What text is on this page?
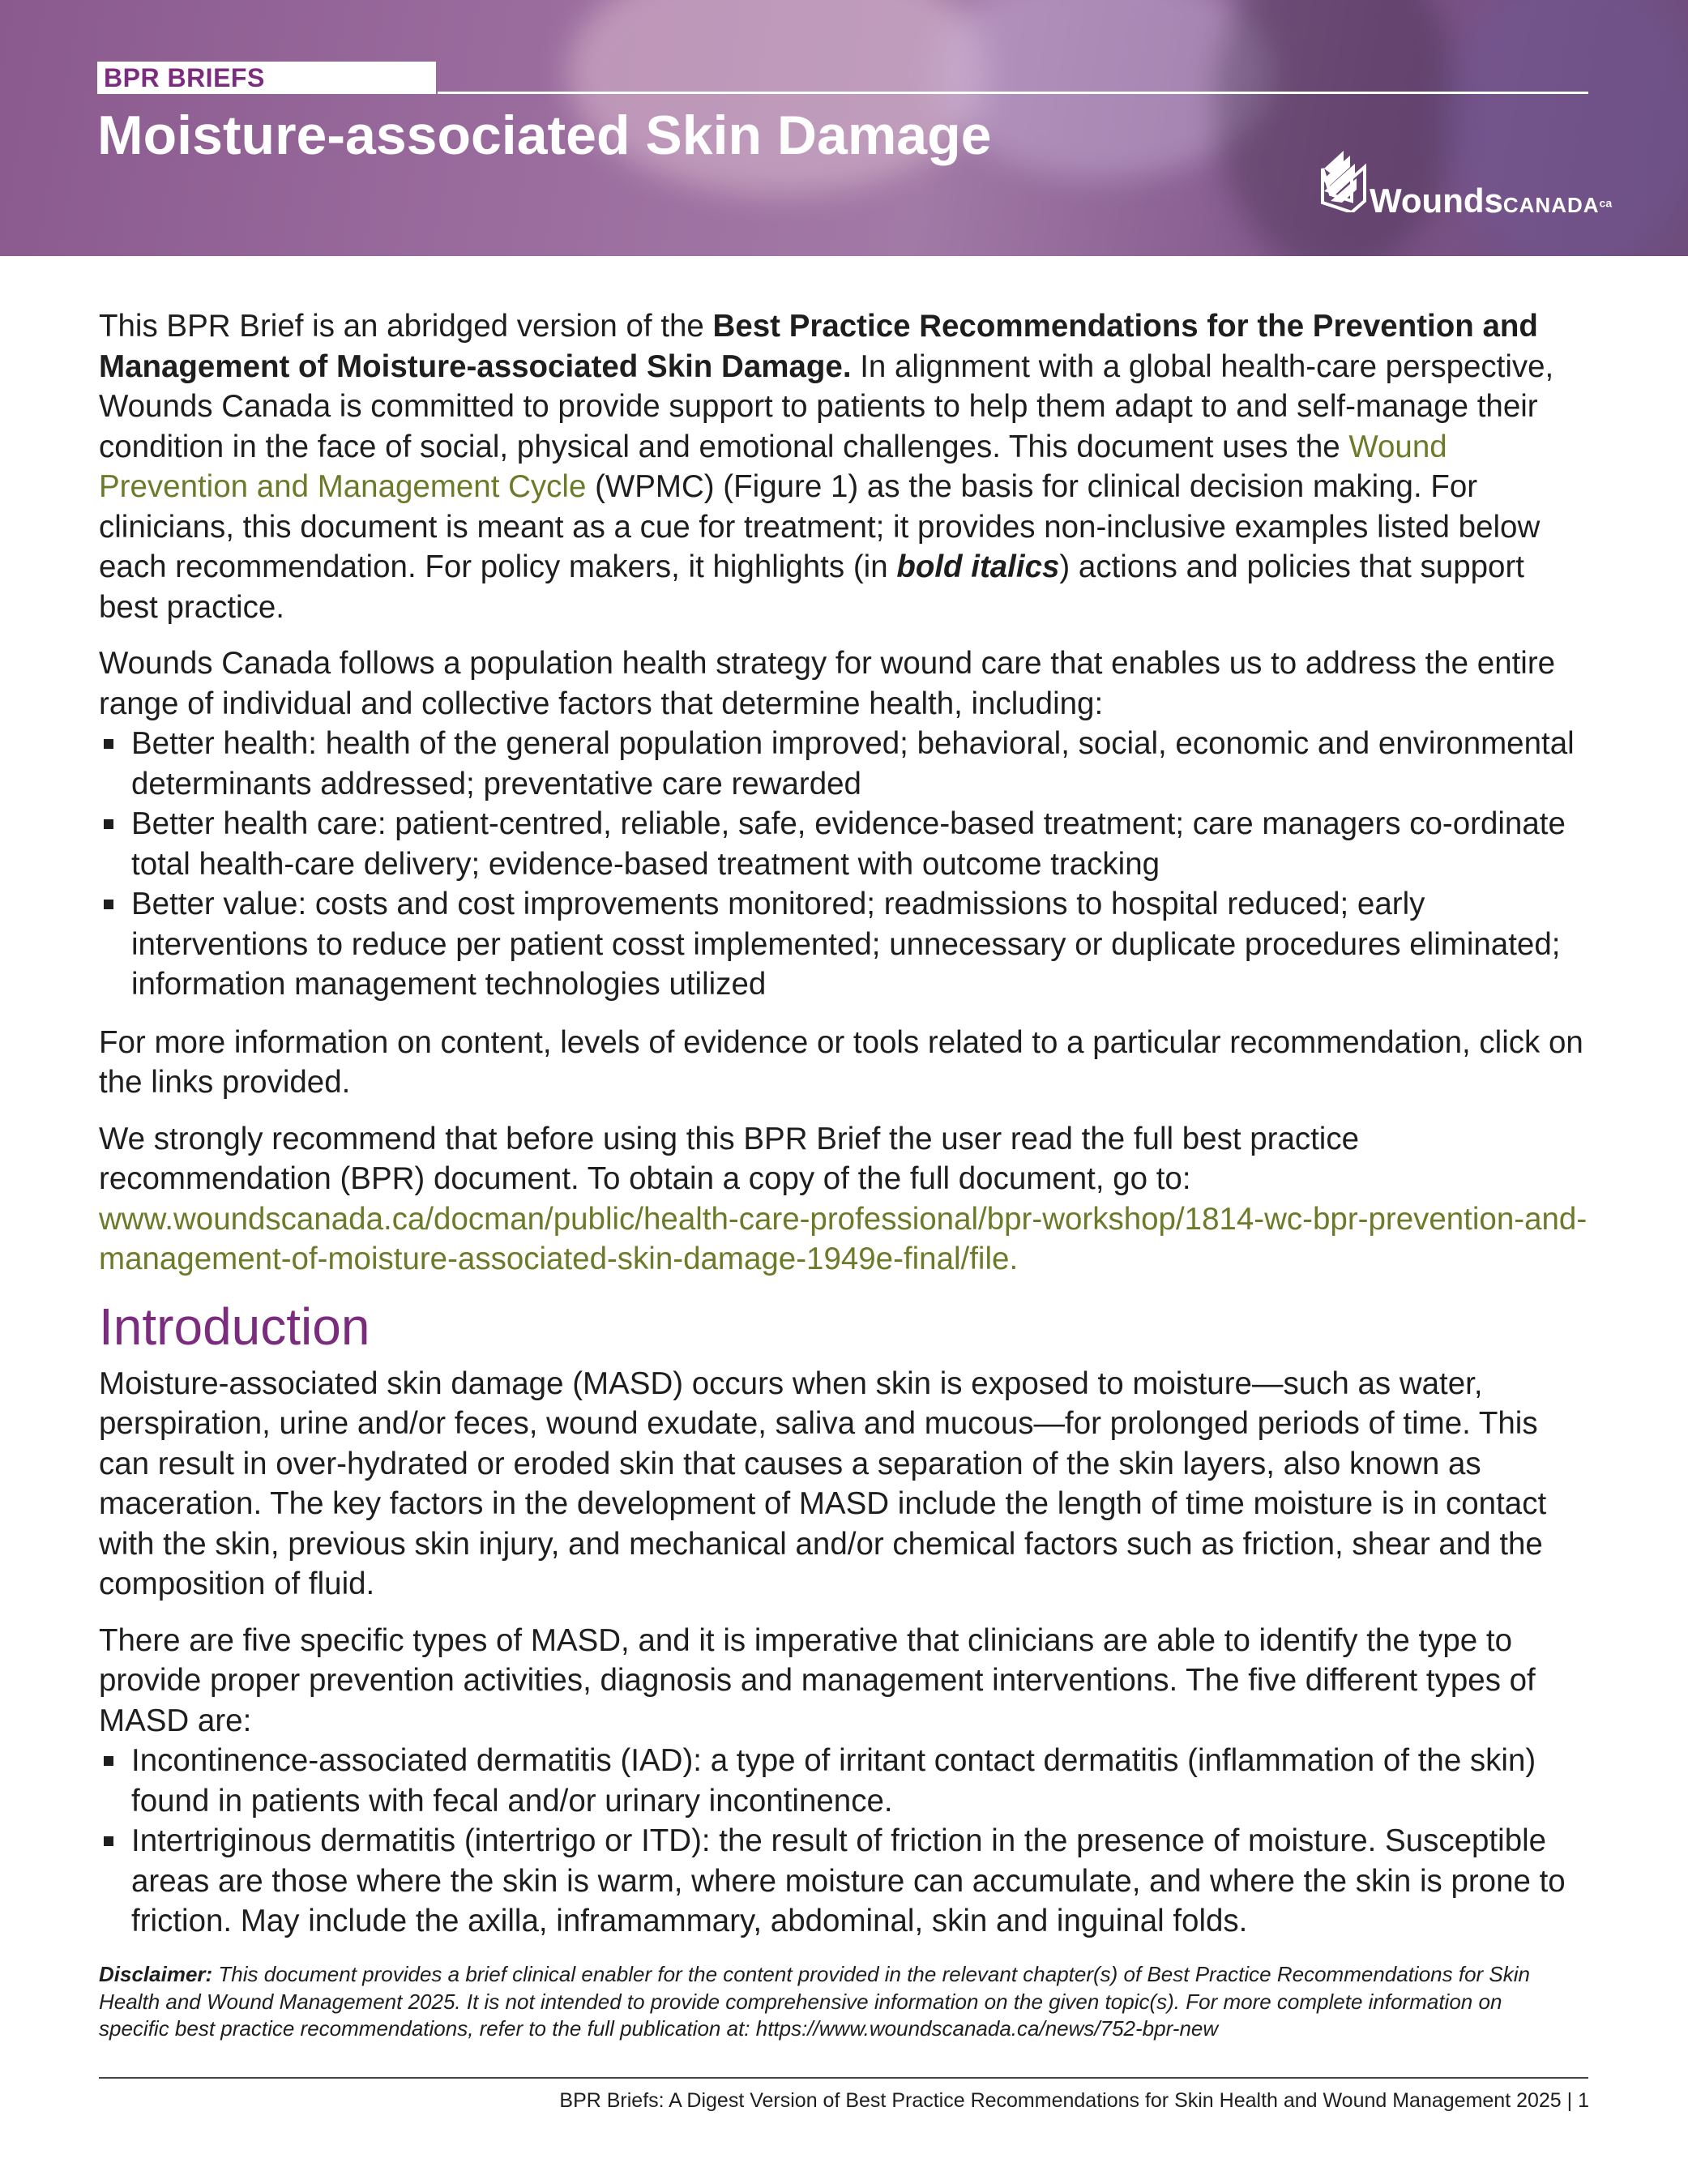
BPR BRIEFS
Moisture-associated Skin Damage
WoundsCANADAca

This BPR Brief is an abridged version of the Best Practice Recommendations for the Prevention and Management of Moisture-associated Skin Damage. In alignment with a global health-care perspective, Wounds Canada is committed to provide support to patients to help them adapt to and self-manage their condition in the face of social, physical and emotional challenges. This document uses the Wound Prevention and Management Cycle (WPMC) (Figure 1) as the basis for clinical decision making. For clinicians, this document is meant as a cue for treatment; it provides non-inclusive examples listed below each recommendation. For policy makers, it highlights (in bold italics) actions and policies that support best practice.

Wounds Canada follows a population health strategy for wound care that enables us to address the entire range of individual and collective factors that determine health, including:

Better health: health of the general population improved; behavioral, social, economic and environmental determinants addressed; preventative care rewarded
Better health care: patient-centred, reliable, safe, evidence-based treatment; care managers co-ordinate total health-care delivery; evidence-based treatment with outcome tracking
Better value: costs and cost improvements monitored; readmissions to hospital reduced; early interventions to reduce per patient cosst implemented; unnecessary or duplicate procedures eliminated; information management technologies utilized

For more information on content, levels of evidence or tools related to a particular recommendation, click on the links provided.

We strongly recommend that before using this BPR Brief the user read the full best practice recommendation (BPR) document. To obtain a copy of the full document, go to: www.woundscanada.ca/docman/public/health-care-professional/bpr-workshop/1814-wc-bpr-prevention-and-management-of-moisture-associated-skin-damage-1949e-final/file.

Introduction

Moisture-associated skin damage (MASD) occurs when skin is exposed to moisture—such as water, perspiration, urine and/or feces, wound exudate, saliva and mucous—for prolonged periods of time. This can result in over-hydrated or eroded skin that causes a separation of the skin layers, also known as maceration. The key factors in the development of MASD include the length of time moisture is in contact with the skin, previous skin injury, and mechanical and/or chemical factors such as friction, shear and the composition of fluid.

There are five specific types of MASD, and it is imperative that clinicians are able to identify the type to provide proper prevention activities, diagnosis and management interventions. The five different types of MASD are:

Incontinence-associated dermatitis (IAD): a type of irritant contact dermatitis (inflammation of the skin) found in patients with fecal and/or urinary incontinence.
Intertriginous dermatitis (intertrigo or ITD): the result of friction in the presence of moisture. Susceptible areas are those where the skin is warm, where moisture can accumulate, and where the skin is prone to friction. May include the axilla, inframammary, abdominal, skin and inguinal folds.
Disclaimer: This document provides a brief clinical enabler for the content provided in the relevant chapter(s) of Best Practice Recommendations for Skin Health and Wound Management 2025. It is not intended to provide comprehensive information on the given topic(s). For more complete information on specific best practice recommendations, refer to the full publication at: https://www.woundscanada.ca/news/752-bpr-new
BPR Briefs: A Digest Version of Best Practice Recommendations for Skin Health and Wound Management 2025 | 1
